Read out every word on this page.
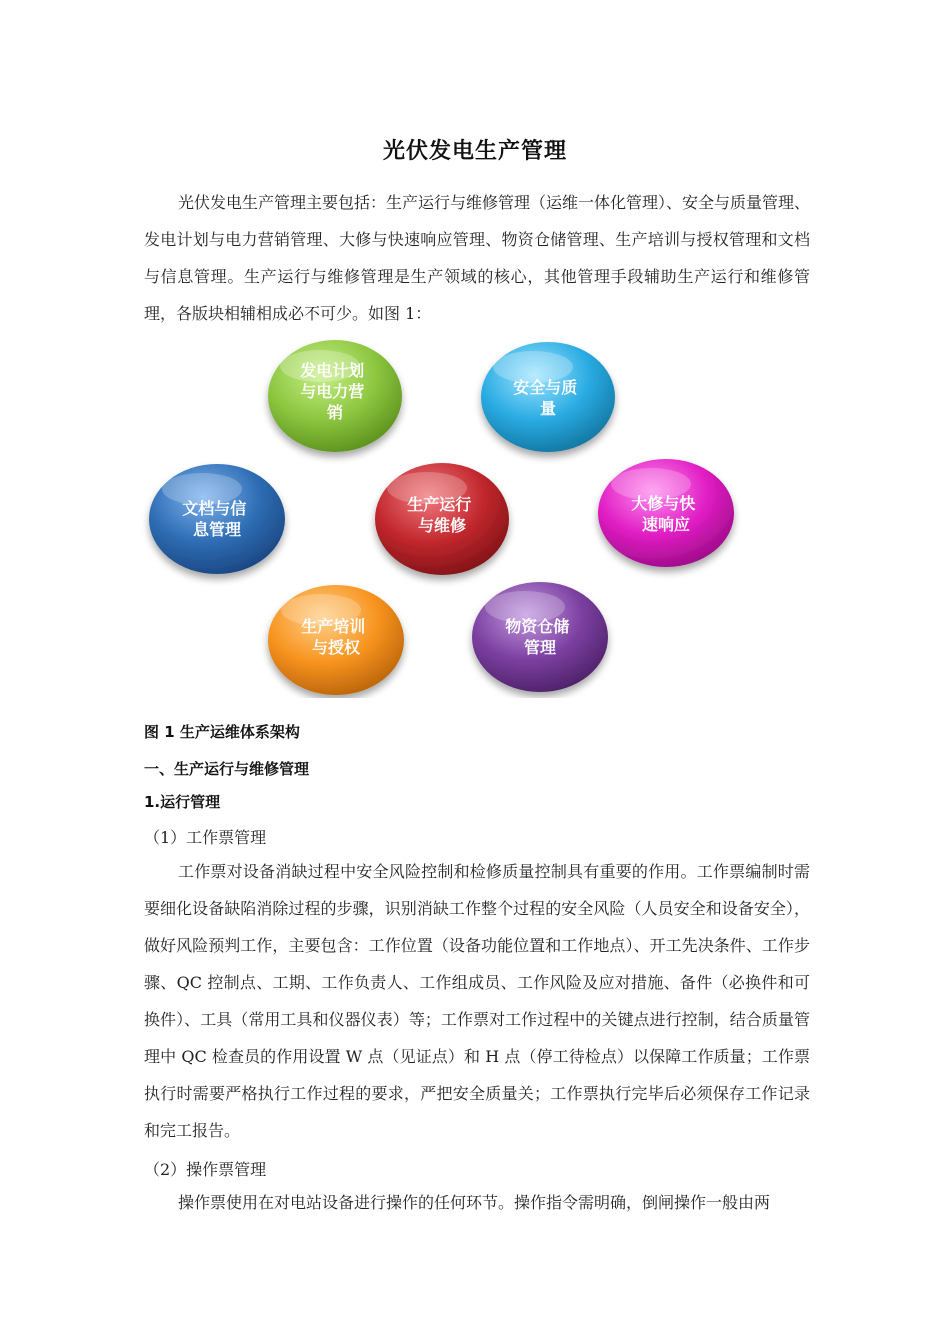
光伏发电生产管理
光伏发电生产管理主要包括：生产运行与维修管理（运维一体化管理）、安全与质量管理、发电计划与电力营销管理、大修与快速响应管理、物资仓储管理、生产培训与授权管理和文档与信息管理。生产运行与维修管理是生产领域的核心，其他管理手段辅助生产运行和维修管理，各版块相辅相成必不可少。如图 1：
发电计划 与电力营 销
安全与质 量
文档与信 息管理
生产运行 与维修
大修与快 速响应
生产培训 与授权
物资仓储 管理
图 1 生产运维体系架构
一、生产运行与维修管理
1.运行管理
（1）工作票管理
工作票对设备消缺过程中安全风险控制和检修质量控制具有重要的作用。工作票编制时需要细化设备缺陷消除过程的步骤，识别消缺工作整个过程的安全风险（人员安全和设备安全），做好风险预判工作，主要包含：工作位置（设备功能位置和工作地点）、开工先决条件、工作步骤、QC 控制点、工期、工作负责人、工作组成员、工作风险及应对措施、备件（必换件和可换件）、工具（常用工具和仪器仪表）等；工作票对工作过程中的关键点进行控制，结合质量管理中 QC 检查员的作用设置 W 点（见证点）和 H 点（停工待检点）以保障工作质量；工作票执行时需要严格执行工作过程的要求，严把安全质量关；工作票执行完毕后必须保存工作记录和完工报告。
（2）操作票管理
操作票使用在对电站设备进行操作的任何环节。操作指令需明确，倒闸操作一般由两
